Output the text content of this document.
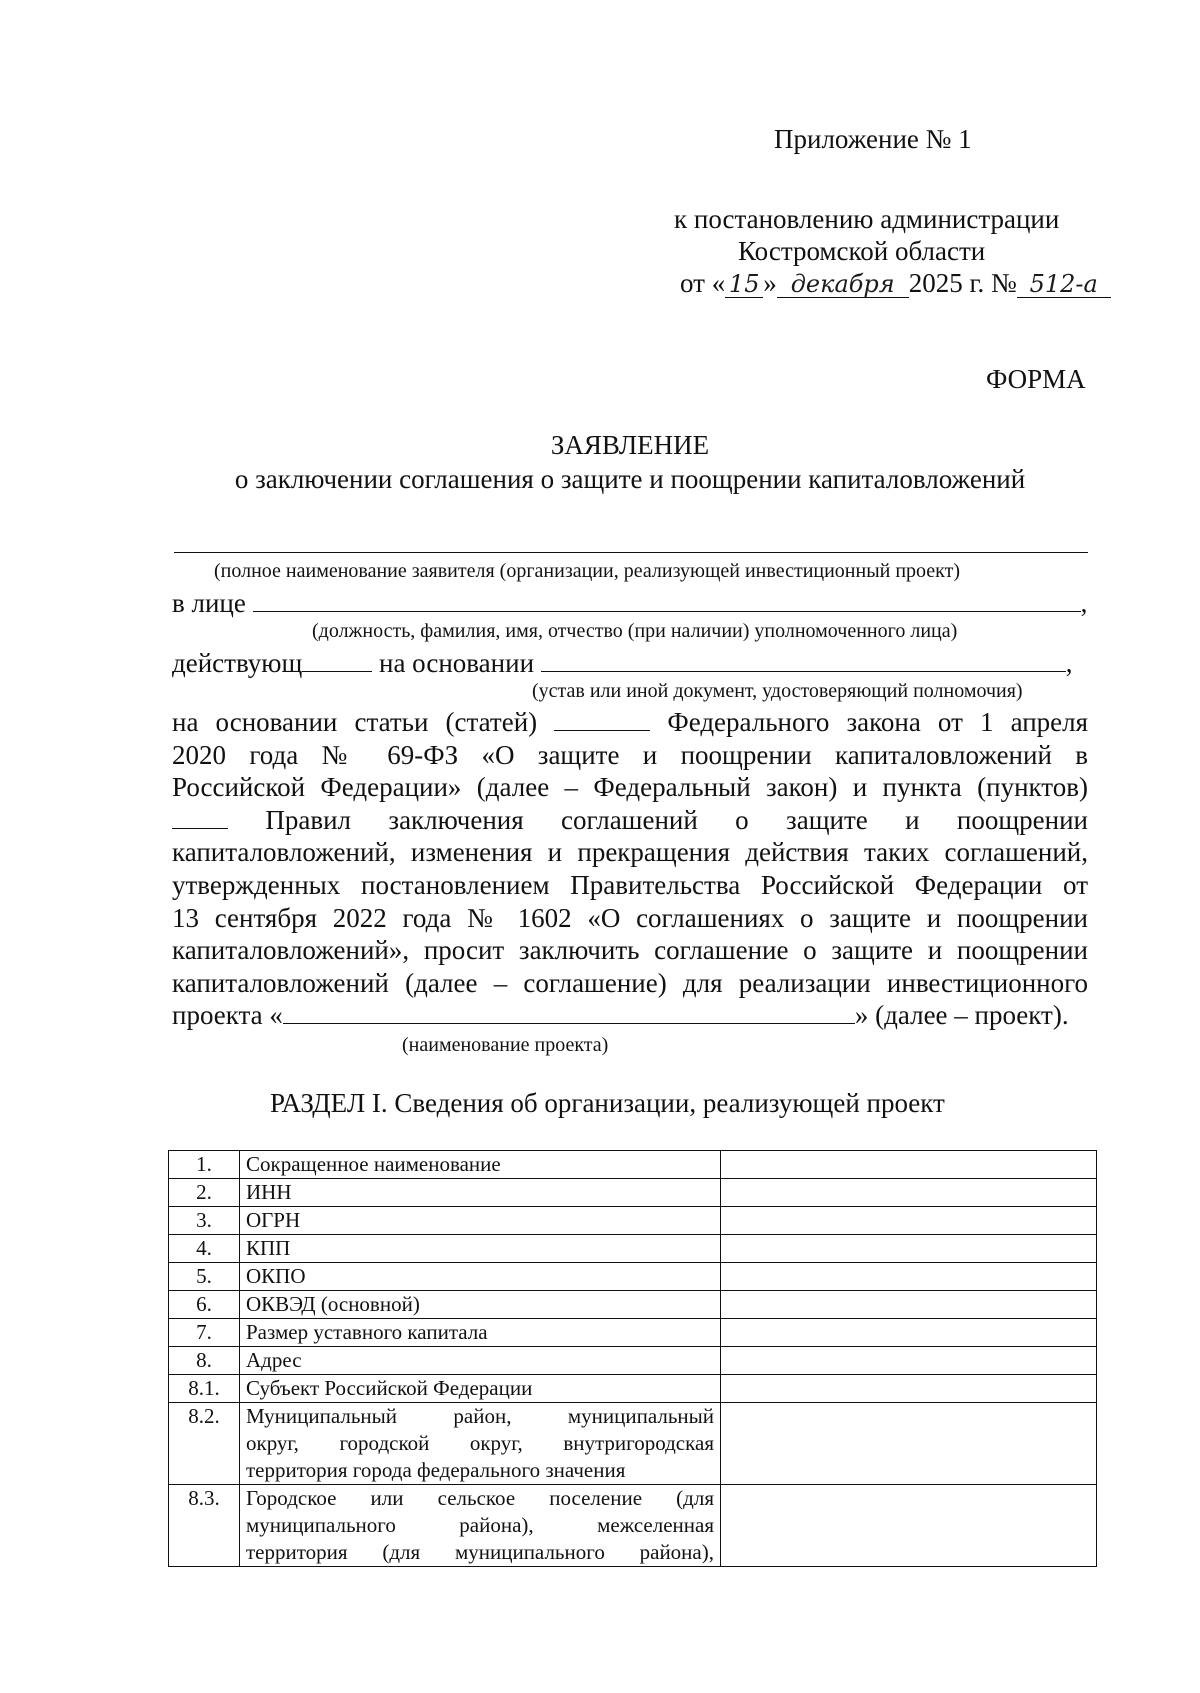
Приложение № 1
к постановлению администрации
Костромской области
от « 15 » декабря 2025 г. № 512-а
ФОРМА
ЗАЯВЛЕНИЕ
о заключении соглашения о защите и поощрении капиталовложений
(полное наименование заявителя (организации, реализующей инвестиционный проект)
в лице	,
(должность, фамилия, имя, отчество (при наличии) уполномоченного лица)
действующ	на основании	,
(устав или иной документ, удостоверяющий полномочия)
на основании статьи (статей)	Федерального закона от 1 апреля
2020 года № 69-ФЗ «О защите и поощрении капиталовложений в
Российской Федерации» (далее – Федеральный закон) и пункта (пунктов)
Правил заключения соглашений о защите и поощрении
капиталовложений, изменения и прекращения действия таких соглашений,
утвержденных постановлением Правительства Российской Федерации от
13 сентября 2022 года № 1602 «О соглашениях о защите и поощрении
капиталовложений», просит заключить соглашение о защите и поощрении
капиталовложений (далее – соглашение) для реализации инвестиционного
проекта «	» (далее – проект).
(наименование проекта)
РАЗДЕЛ I. Сведения об организации, реализующей проект
1.	Сокращенное наименование	
2.	ИНН	
3.	ОГРН	
4.	КПП	
5.	ОКПО	
6.	ОКВЭД (основной)	
7.	Размер уставного капитала	
8.	Адрес	
8.1.	Субъект Российской Федерации	
8.2.	Муниципальный район, муниципальный
округ, городской округ, внутригородская
территория города федерального значения	

8.3.	Городское или сельское поселение (для
муниципального района), межселенная
территория (для муниципального района),	
